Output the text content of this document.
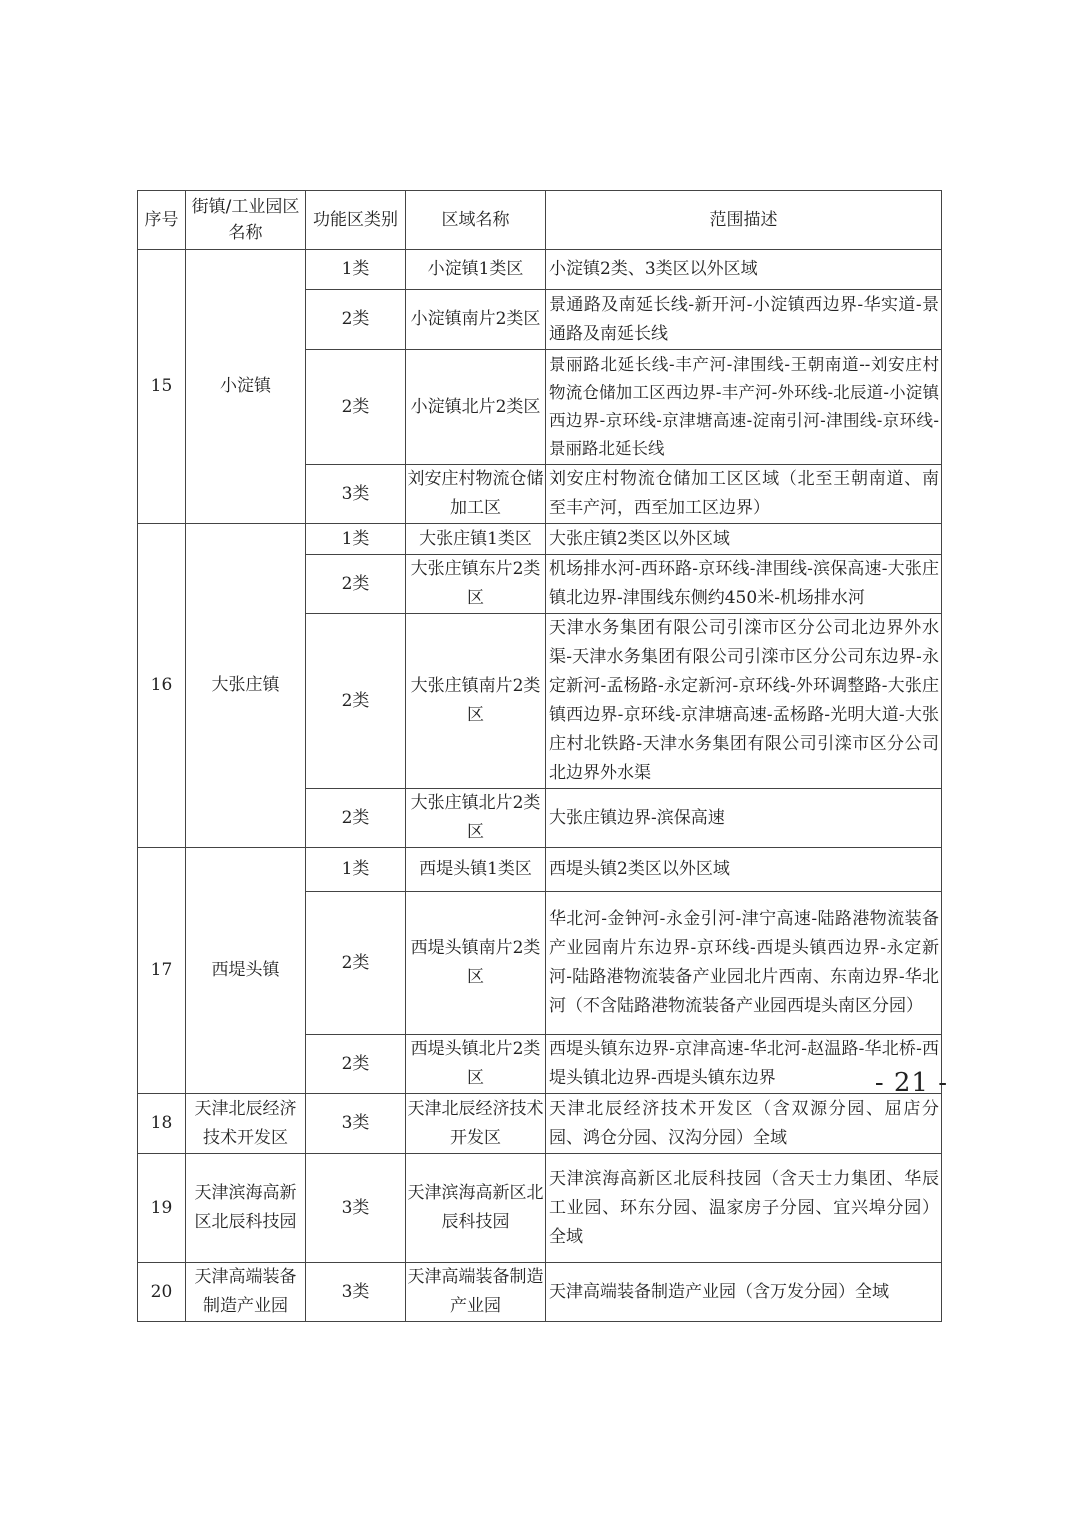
序号	街镇/工业园区名称	功能区类别	区域名称	范围描述
15	小淀镇	1类	小淀镇1类区	小淀镇2类、3类区以外区域
		2类	小淀镇南片2类区	景通路及南延长线-新开河-小淀镇西边界-华实道-景通路及南延长线
		2类	小淀镇北片2类区	景丽路北延长线-丰产河-津围线-王朝南道--刘安庄村物流仓储加工区西边界-丰产河-外环线-北辰道-小淀镇西边界-京环线-京津塘高速-淀南引河-津围线-京环线-景丽路北延长线
		3类	刘安庄村物流仓储加工区	刘安庄村物流仓储加工区区域（北至王朝南道、南至丰产河，西至加工区边界）
16	大张庄镇	1类	大张庄镇1类区	大张庄镇2类区以外区域
		2类	大张庄镇东片2类区	机场排水河-西环路-京环线-津围线-滨保高速-大张庄镇北边界-津围线东侧约450米-机场排水河
		2类	大张庄镇南片2类区	天津水务集团有限公司引滦市区分公司北边界外水渠-天津水务集团有限公司引滦市区分公司东边界-永定新河-孟杨路-永定新河-京环线-外环调整路-大张庄镇西边界-京环线-京津塘高速-孟杨路-光明大道-大张庄村北铁路-天津水务集团有限公司引滦市区分公司北边界外水渠
		2类	大张庄镇北片2类区	大张庄镇边界-滨保高速
17	西堤头镇	1类	西堤头镇1类区	西堤头镇2类区以外区域
		2类	西堤头镇南片2类区	华北河-金钟河-永金引河-津宁高速-陆路港物流装备产业园南片东边界-京环线-西堤头镇西边界-永定新河-陆路港物流装备产业园北片西南、东南边界-华北河（不含陆路港物流装备产业园西堤头南区分园）
		2类	西堤头镇北片2类区	西堤头镇东边界-京津高速-华北河-赵温路-华北桥-西堤头镇北边界-西堤头镇东边界
18	天津北辰经济技术开发区	3类	天津北辰经济技术开发区	天津北辰经济技术开发区（含双源分园、屈店分园、鸿仓分园、汉沟分园）全域
19	天津滨海高新区北辰科技园	3类	天津滨海高新区北辰科技园	天津滨海高新区北辰科技园（含天士力集团、华辰工业园、环东分园、温家房子分园、宜兴埠分园）全域
20	天津高端装备制造产业园	3类	天津高端装备制造产业园	天津高端装备制造产业园（含万发分园）全域
- 21 -
